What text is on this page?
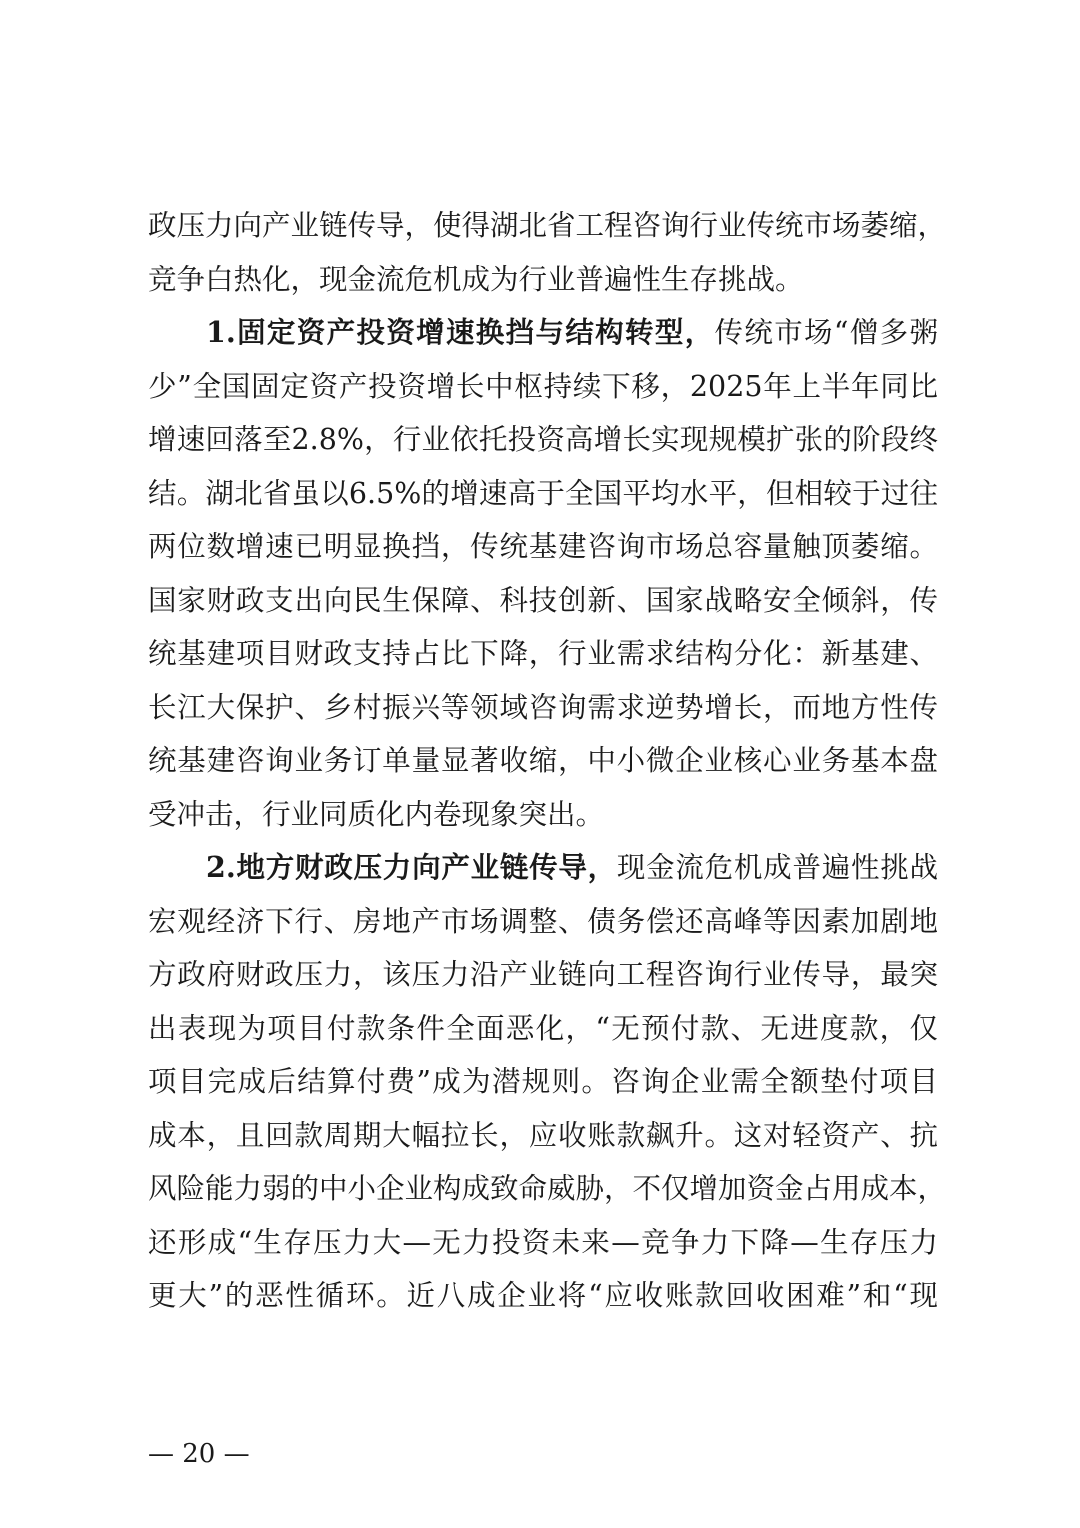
政压力向产业链传导，使得湖北省工程咨询行业传统市场萎缩，
竞争白热化，现金流危机成为行业普遍性生存挑战。
1.固定资产投资增速换挡与结构转型，传统市场“僧多粥
少”全国固定资产投资增长中枢持续下移，2025年上半年同比
增速回落至2.8%，行业依托投资高增长实现规模扩张的阶段终
结。湖北省虽以6.5%的增速高于全国平均水平，但相较于过往
两位数增速已明显换挡，传统基建咨询市场总容量触顶萎缩。
国家财政支出向民生保障、科技创新、国家战略安全倾斜，传
统基建项目财政支持占比下降，行业需求结构分化：新基建、
长江大保护、乡村振兴等领域咨询需求逆势增长，而地方性传
统基建咨询业务订单量显著收缩，中小微企业核心业务基本盘
受冲击，行业同质化内卷现象突出。
2.地方财政压力向产业链传导，现金流危机成普遍性挑战
宏观经济下行、房地产市场调整、债务偿还高峰等因素加剧地
方政府财政压力，该压力沿产业链向工程咨询行业传导，最突
出表现为项目付款条件全面恶化，“无预付款、无进度款，仅
项目完成后结算付费”成为潜规则。咨询企业需全额垫付项目
成本，且回款周期大幅拉长，应收账款飙升。这对轻资产、抗
风险能力弱的中小企业构成致命威胁，不仅增加资金占用成本，
还形成“生存压力大—无力投资未来—竞争力下降—生存压力
更大”的恶性循环。近八成企业将“应收账款回收困难”和“现
— 20 —
